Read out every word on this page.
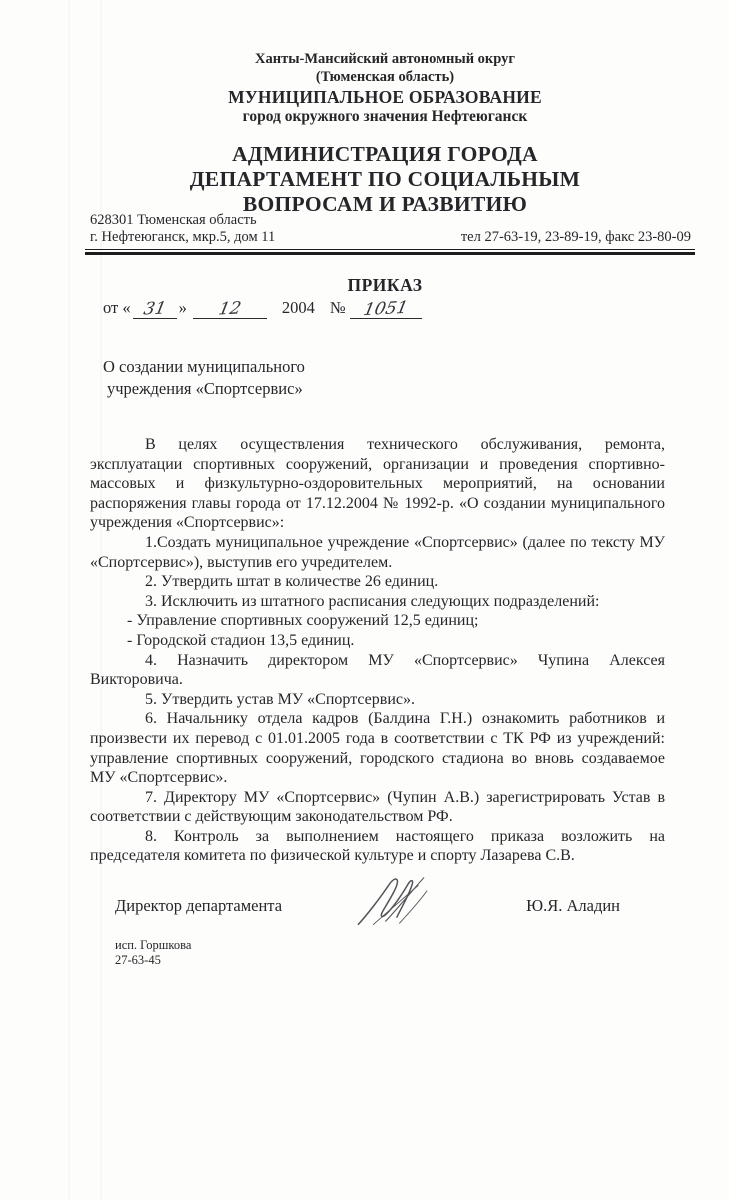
Ханты-Мансийский автономный округ
(Тюменская область)
МУНИЦИПАЛЬНОЕ ОБРАЗОВАНИЕ
город окружного значения Нефтеюганск
АДМИНИСТРАЦИЯ ГОРОДА
ДЕПАРТАМЕНТ ПО СОЦИАЛЬНЫМ
ВОПРОСАМ И РАЗВИТИЮ
628301 Тюменская область
г. Нефтеюганск, мкр.5, дом 11	тел 27-63-19, 23-89-19, факс 23-80-09
ПРИКАЗ
от « 31 » 12 2004 № 1051
О создании муниципального
учреждения «Спортсервис»

В целях осуществления технического обслуживания, ремонта, эксплуатации спортивных сооружений, организации и проведения спортивно-массовых и физкультурно-оздоровительных мероприятий, на основании распоряжения главы города от 17.12.2004 № 1992-р. «О создании муниципального учреждения «Спортсервис»:

1.Создать муниципальное учреждение «Спортсервис» (далее по тексту МУ «Спортсервис»), выступив его учредителем.

2. Утвердить штат в количестве 26 единиц.

3. Исключить из штатного расписания следующих подразделений:

- Управление спортивных сооружений 12,5 единиц;

- Городской стадион 13,5 единиц.

4. Назначить директором МУ «Спортсервис» Чупина Алексея Викторовича.

5. Утвердить устав МУ «Спортсервис».

6. Начальнику отдела кадров (Балдина Г.Н.) ознакомить работников и произвести их перевод с 01.01.2005 года в соответствии с ТК РФ из учреждений: управление спортивных сооружений, городского стадиона во вновь создаваемое МУ «Спортсервис».

7. Директору МУ «Спортсервис» (Чупин А.В.) зарегистрировать Устав в соответствии с действующим законодательством РФ.

8. Контроль за выполнением настоящего приказа возложить на председателя комитета по физической культуре и спорту Лазарева С.В.

Директор департамента	Ю.Я. Аладин
исп. Горшкова
27-63-45
